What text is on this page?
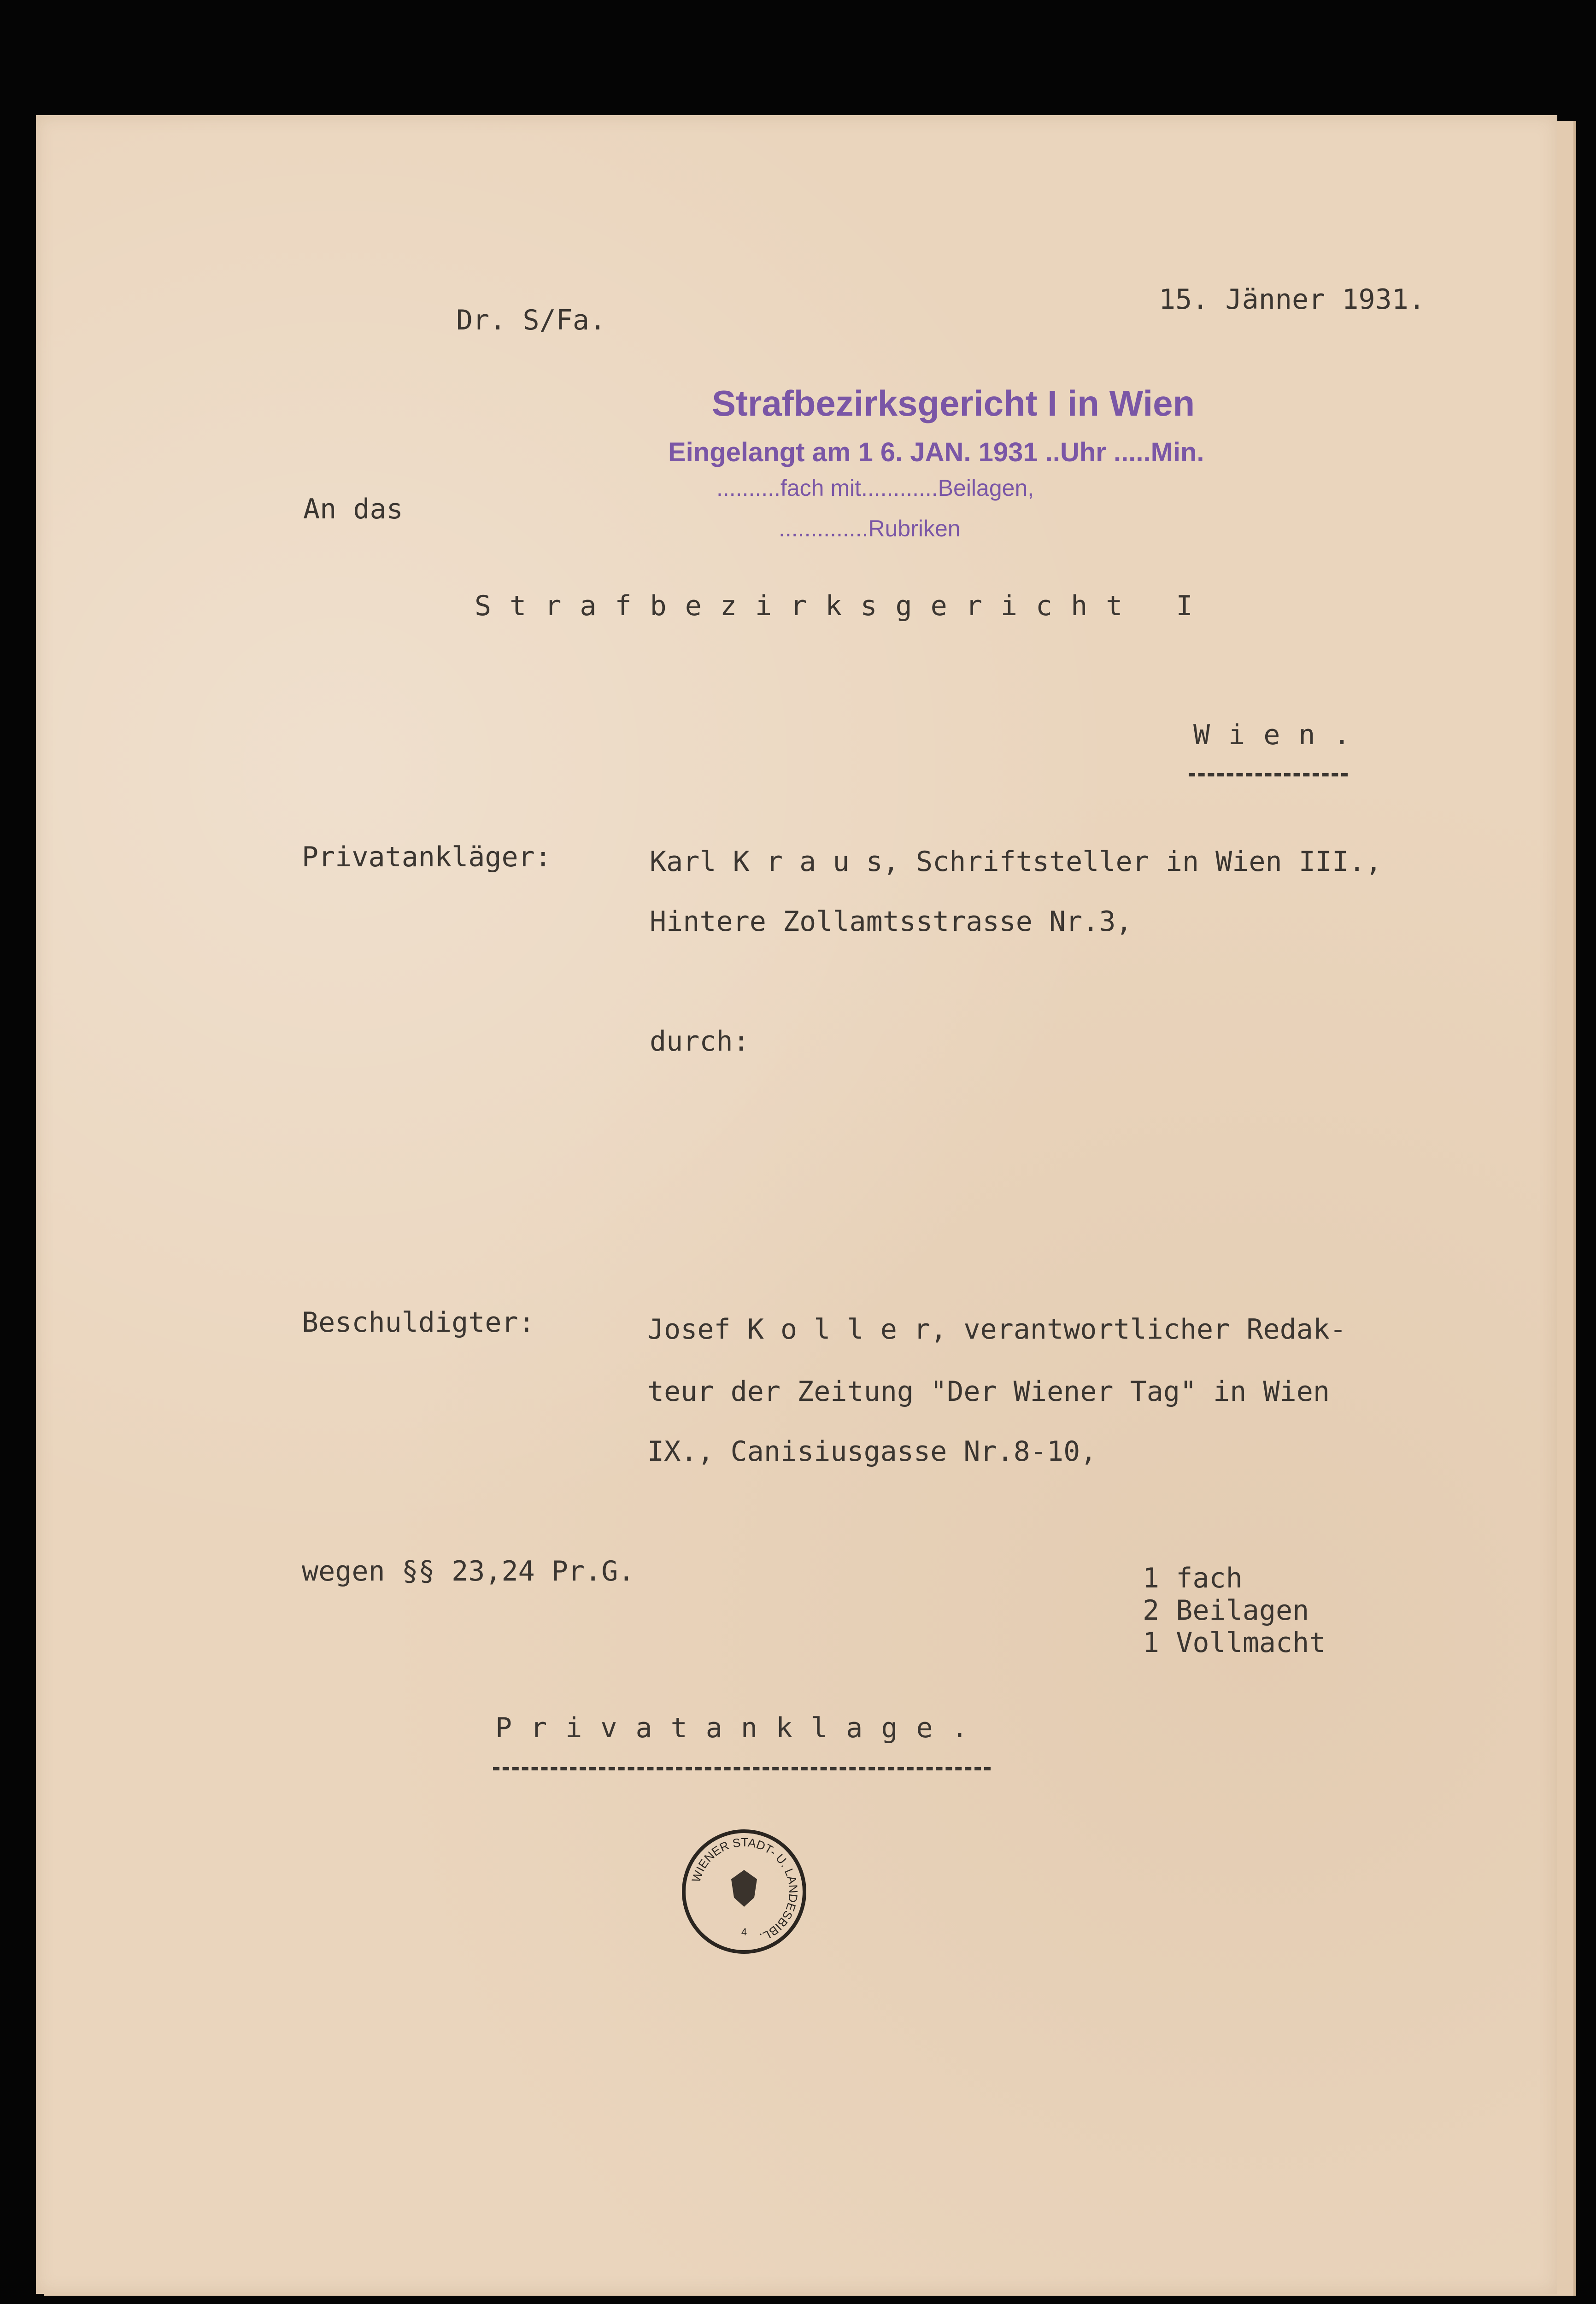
Dr. S/Fa.
15. Jänner 1931.
Strafbezirksgericht I in Wien
Eingelangt am 1 6. JAN. 1931 ..Uhr .....Min.
..........fach mit............Beilagen,
..............Rubriken
An das
Strafbezirksgericht I
Wien.
Privatankläger:	Karl K r a u s, Schriftsteller in Wien III.,
Hintere Zollamtsstrasse Nr.3,
durch:
Beschuldigter:	Josef K o l l e r, verantwortlicher Redak-
teur der Zeitung "Der Wiener Tag" in Wien
IX., Canisiusgasse Nr.8-10,
wegen §§ 23,24 Pr.G.	1 fach
2 Beilagen
1 Vollmacht
Privatanklage.
WIENER STADT- U. LANDESBIBL.
4
